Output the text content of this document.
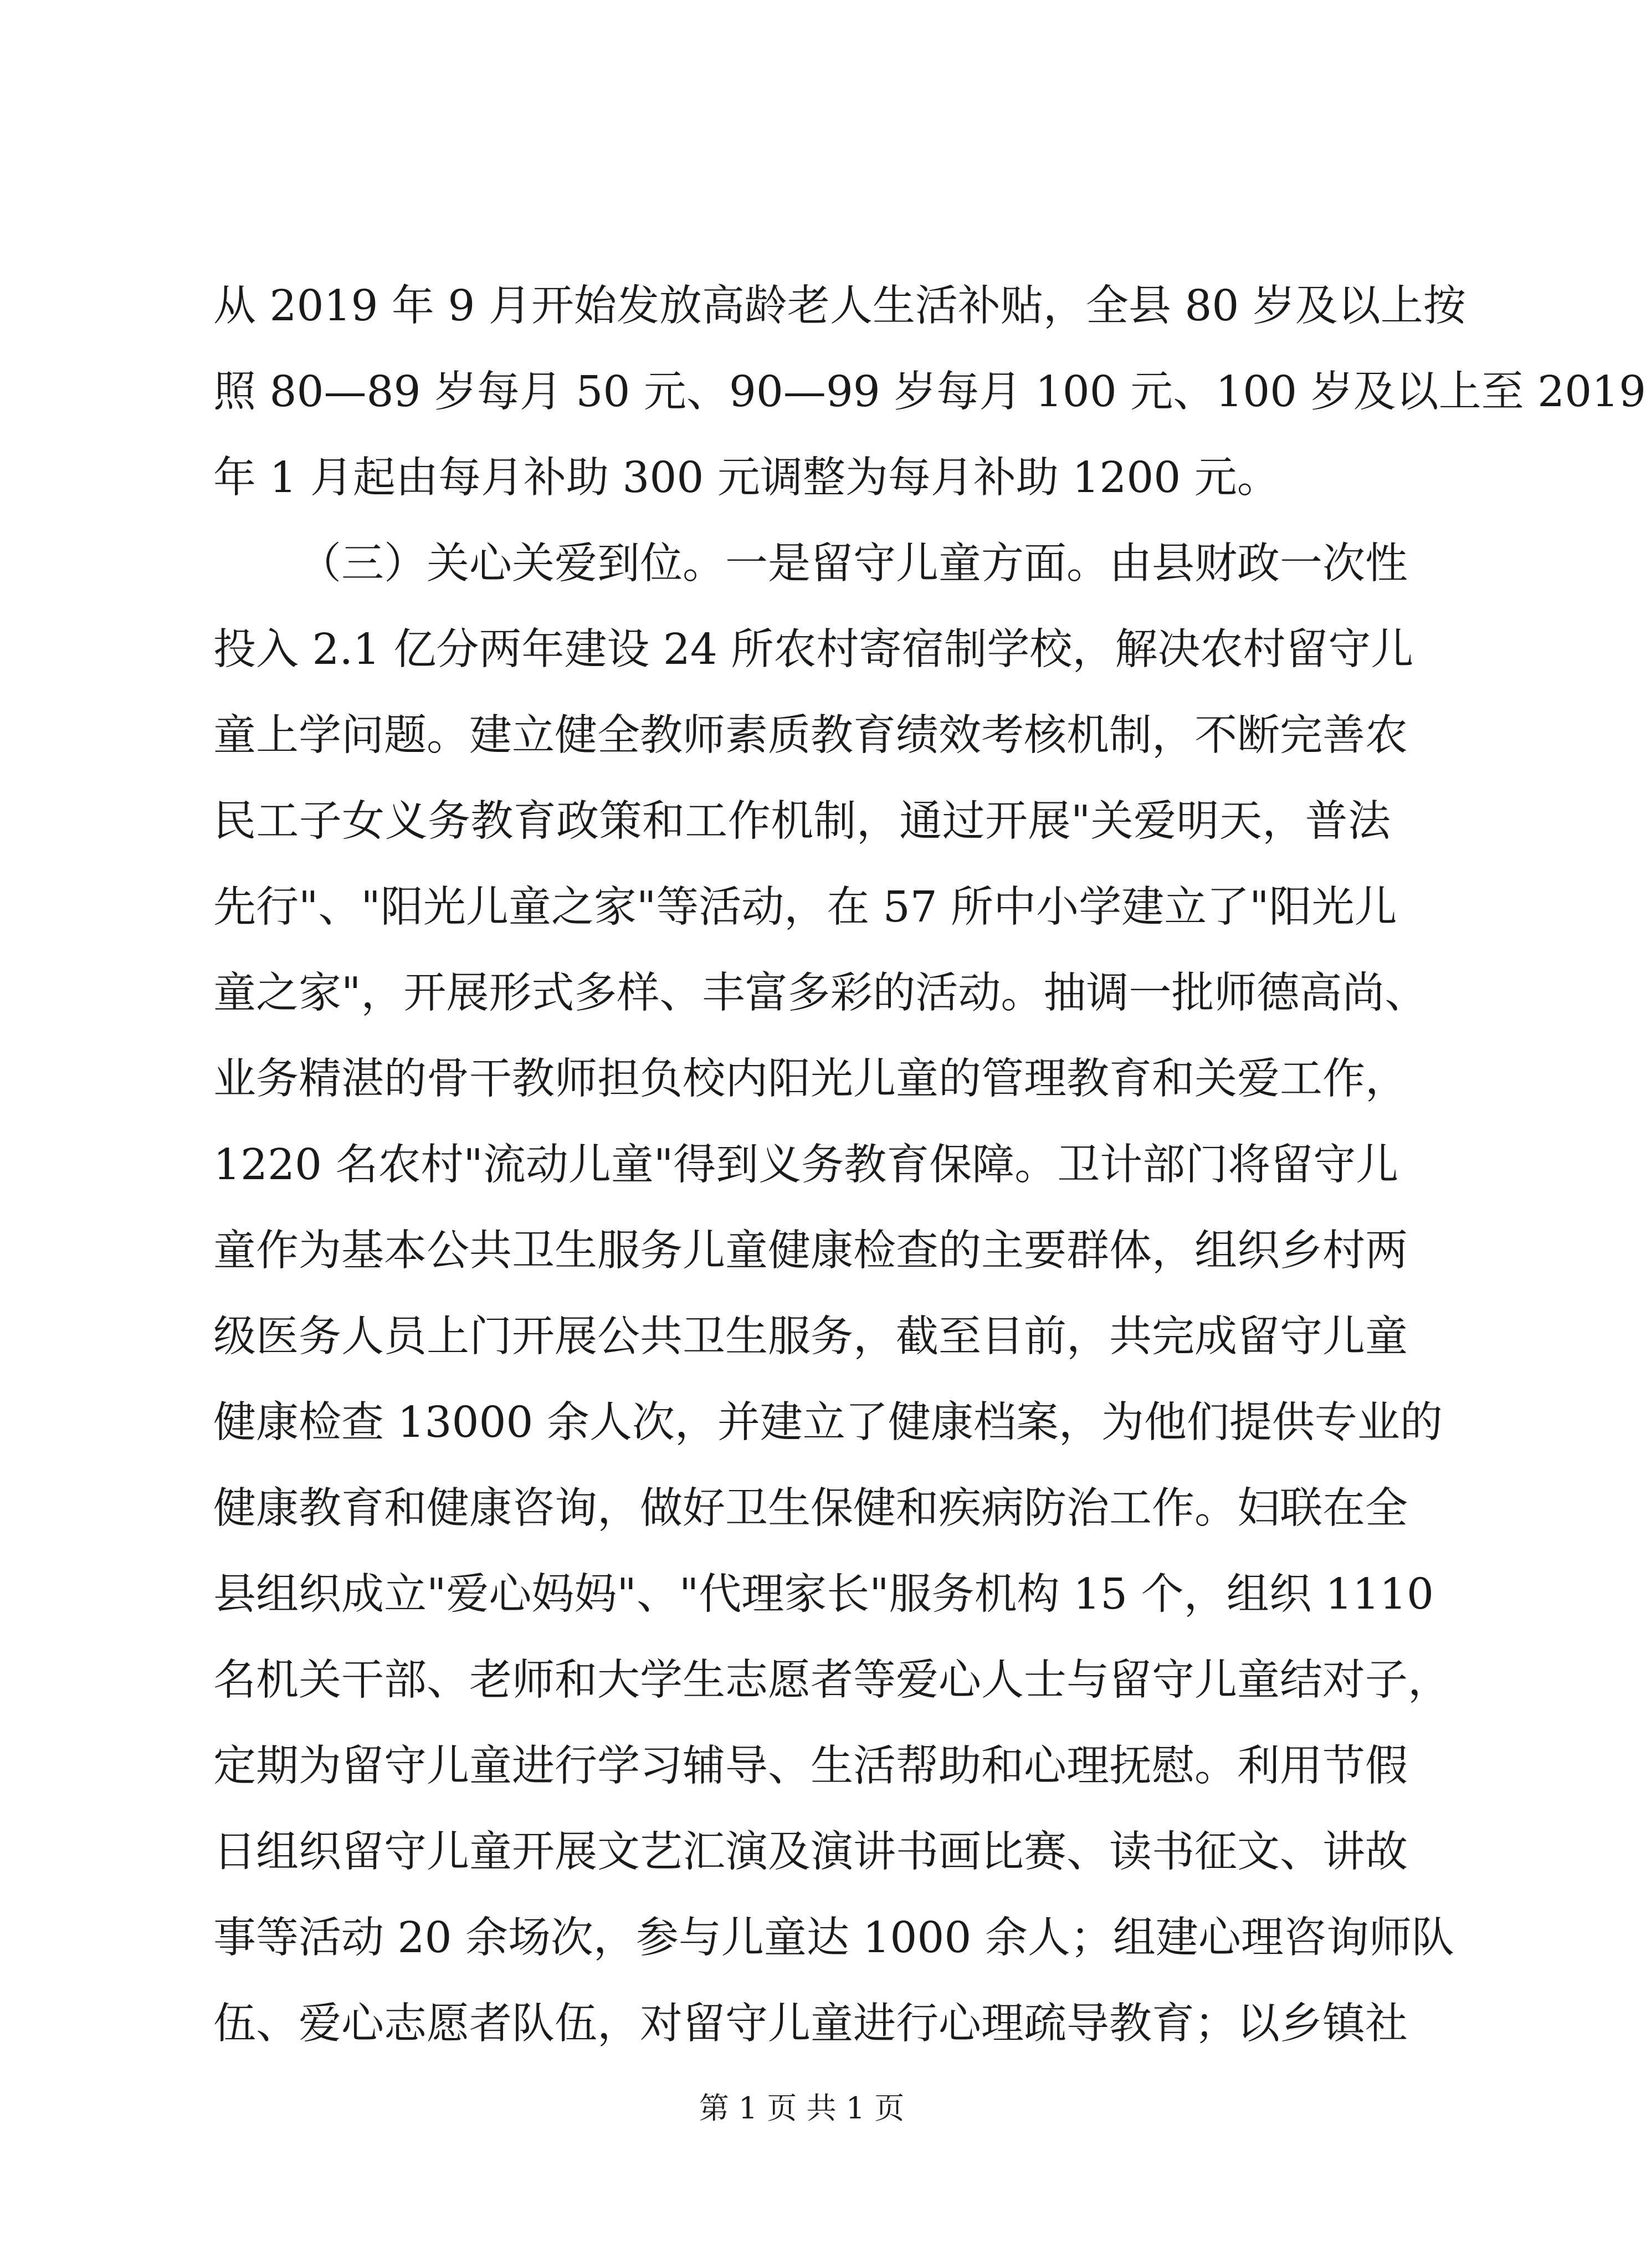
从 2019 年 9 月开始发放高龄老人生活补贴，全县 80 岁及以上按
照 80—89 岁每月 50 元、90—99 岁每月 100 元、100 岁及以上至 2019
年 1 月起由每月补助 300 元调整为每月补助 1200 元。
（三）关心关爱到位。一是留守儿童方面。由县财政一次性
投入 2.1 亿分两年建设 24 所农村寄宿制学校，解决农村留守儿
童上学问题。建立健全教师素质教育绩效考核机制，不断完善农
民工子女义务教育政策和工作机制，通过开展"关爱明天，普法
先行"、"阳光儿童之家"等活动，在 57 所中小学建立了"阳光儿
童之家"，开展形式多样、丰富多彩的活动。抽调一批师德高尚、
业务精湛的骨干教师担负校内阳光儿童的管理教育和关爱工作，
1220 名农村"流动儿童"得到义务教育保障。卫计部门将留守儿
童作为基本公共卫生服务儿童健康检查的主要群体，组织乡村两
级医务人员上门开展公共卫生服务，截至目前，共完成留守儿童
健康检查 13000 余人次，并建立了健康档案，为他们提供专业的
健康教育和健康咨询，做好卫生保健和疾病防治工作。妇联在全
县组织成立"爱心妈妈"、"代理家长"服务机构 15 个，组织 1110
名机关干部、老师和大学生志愿者等爱心人士与留守儿童结对子，
定期为留守儿童进行学习辅导、生活帮助和心理抚慰。利用节假
日组织留守儿童开展文艺汇演及演讲书画比赛、读书征文、讲故
事等活动 20 余场次，参与儿童达 1000 余人；组建心理咨询师队
伍、爱心志愿者队伍，对留守儿童进行心理疏导教育；以乡镇社
第 1 页 共 1 页
